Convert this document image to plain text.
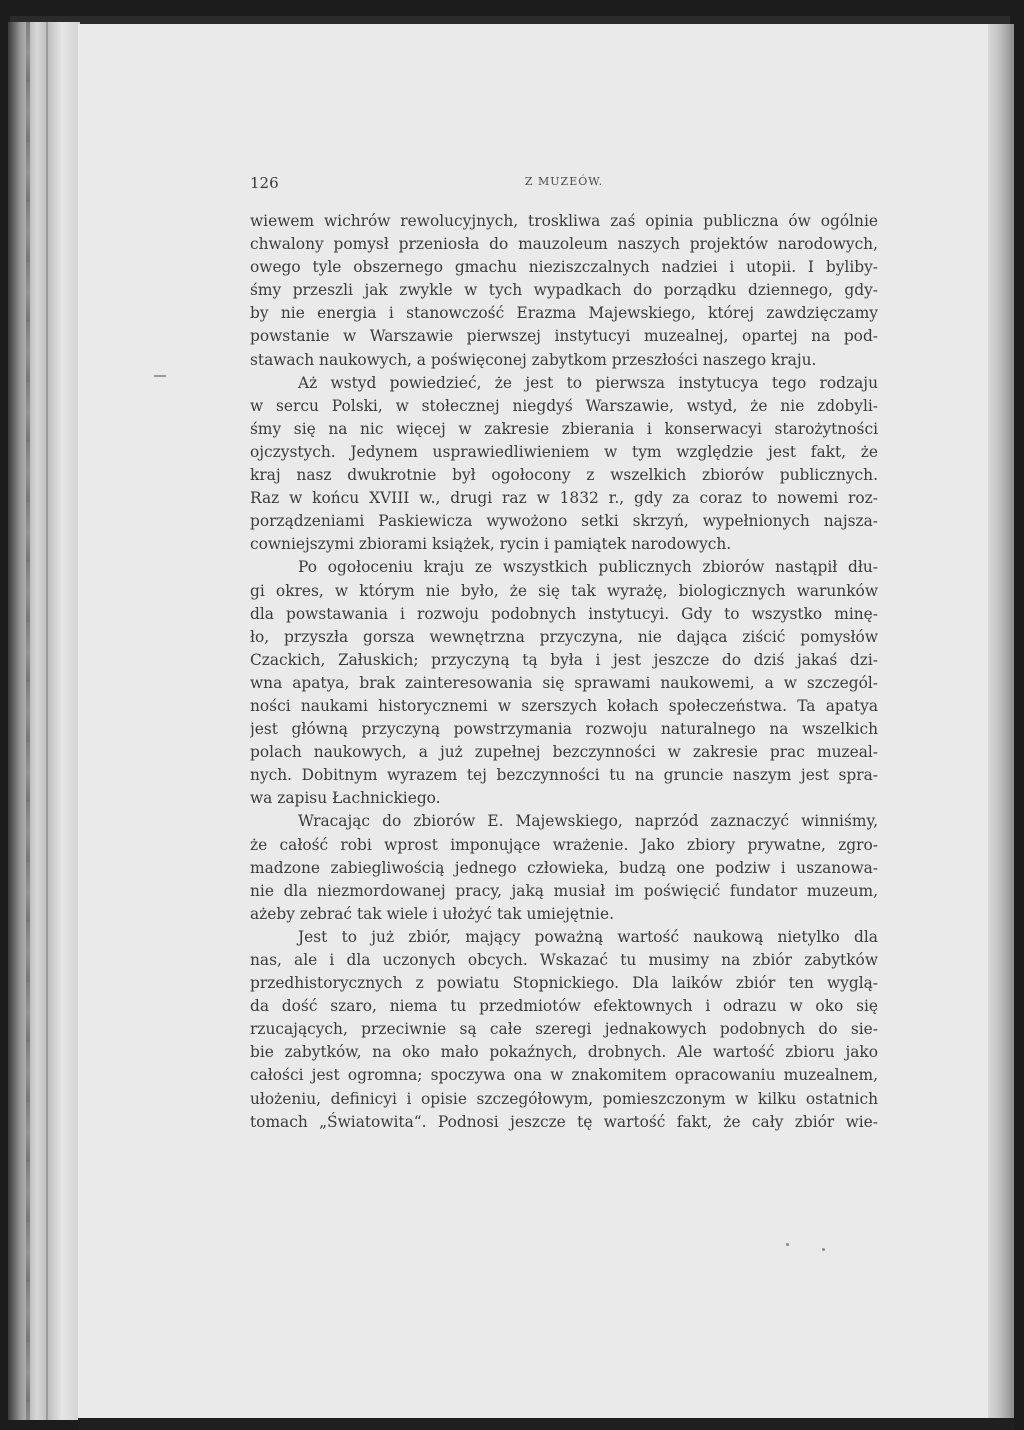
126	Z MUZEÓW.
wiewem wichrów rewolucyjnych, troskliwa zaś opinia publiczna ów ogólnie
chwalony pomysł przeniosła do mauzoleum naszych projektów narodowych,
owego tyle obszernego gmachu nieziszczalnych nadziei i utopii. I byliby-
śmy przeszli jak zwykle w tych wypadkach do porządku dziennego, gdy-
by nie energia i stanowczość Erazma Majewskiego, której zawdzięczamy
powstanie w Warszawie pierwszej instytucyi muzealnej, opartej na pod-
stawach naukowych, a poświęconej zabytkom przeszłości naszego kraju.
Aż wstyd powiedzieć, że jest to pierwsza instytucya tego rodzaju
w sercu Polski, w stołecznej niegdyś Warszawie, wstyd, że nie zdobyli-
śmy się na nic więcej w zakresie zbierania i konserwacyi starożytności
ojczystych. Jedynem usprawiedliwieniem w tym względzie jest fakt, że
kraj nasz dwukrotnie był ogołocony z wszelkich zbiorów publicznych.
Raz w końcu XVIII w., drugi raz w 1832 r., gdy za coraz to nowemi roz-
porządzeniami Paskiewicza wywożono setki skrzyń, wypełnionych najsza-
cowniejszymi zbiorami książek, rycin i pamiątek narodowych.
Po ogołoceniu kraju ze wszystkich publicznych zbiorów nastąpił dłu-
gi okres, w którym nie było, że się tak wyrażę, biologicznych warunków
dla powstawania i rozwoju podobnych instytucyi. Gdy to wszystko minę-
ło, przyszła gorsza wewnętrzna przyczyna, nie dająca ziścić pomysłów
Czackich, Załuskich; przyczyną tą była i jest jeszcze do dziś jakaś dzi-
wna apatya, brak zainteresowania się sprawami naukowemi, a w szczegól-
ności naukami historycznemi w szerszych kołach społeczeństwa. Ta apatya
jest główną przyczyną powstrzymania rozwoju naturalnego na wszelkich
polach naukowych, a już zupełnej bezczynności w zakresie prac muzeal-
nych. Dobitnym wyrazem tej bezczynności tu na gruncie naszym jest spra-
wa zapisu Łachnickiego.
Wracając do zbiorów E. Majewskiego, naprzód zaznaczyć winniśmy,
że całość robi wprost imponujące wrażenie. Jako zbiory prywatne, zgro-
madzone zabiegliwością jednego człowieka, budzą one podziw i uszanowa-
nie dla niezmordowanej pracy, jaką musiał im poświęcić fundator muzeum,
ażeby zebrać tak wiele i ułożyć tak umiejętnie.
Jest to już zbiór, mający poważną wartość naukową nietylko dla
nas, ale i dla uczonych obcych. Wskazać tu musimy na zbiór zabytków
przedhistorycznych z powiatu Stopnickiego. Dla laików zbiór ten wyglą-
da dość szaro, niema tu przedmiotów efektownych i odrazu w oko się
rzucających, przeciwnie są całe szeregi jednakowych podobnych do sie-
bie zabytków, na oko mało pokaźnych, drobnych. Ale wartość zbioru jako
całości jest ogromna; spoczywa ona w znakomitem opracowaniu muzealnem,
ułożeniu, definicyi i opisie szczegółowym, pomieszczonym w kilku ostatnich
tomach „Światowita“. Podnosi jeszcze tę wartość fakt, że cały zbiór wie-
